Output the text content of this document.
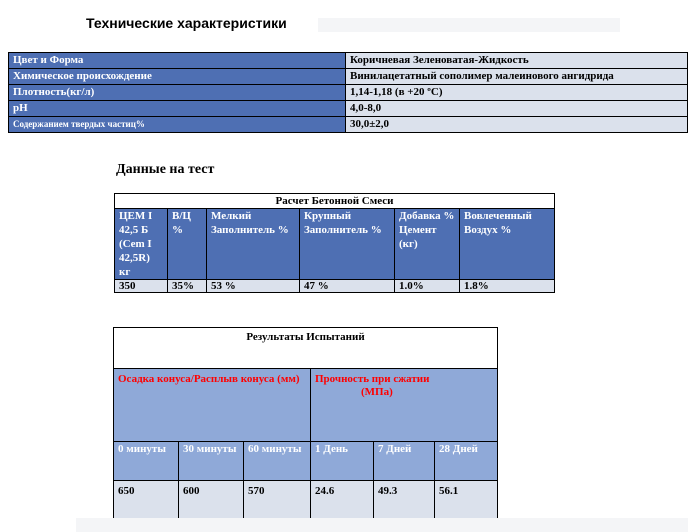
Технические характеристики
Цвет и Форма	Коричневая Зеленоватая-Жидкость
Химическое происхождение	Винилацетатный сополимер малеинового ангидрида
Плотность(кг/л)	1,14-1,18 (в +20 ºC)
pH	4,0-8,0
Содержанием твердых частиц%	30,0±2,0
Данные на тест
Расчет Бетонной Смеси					
ЦЕМ I 42,5 Б (Cem I 42,5R) кг	В/Ц %	Мелкий Заполнитель %	Крупный Заполнитель %	Добавка % Цемент (кг)	Вовлеченный Воздух %
350	35%	53 %	47 %	1.0%	1.8%
Результаты Испытаний					
Осадка конуса/Расплыв конуса (мм)			Прочность при сжатии
(МПа)		

0 минуты	30 минуты	60 минуты	1 День	7 Дней	28 Дней
650	600	570	24.6	49.3	56.1
